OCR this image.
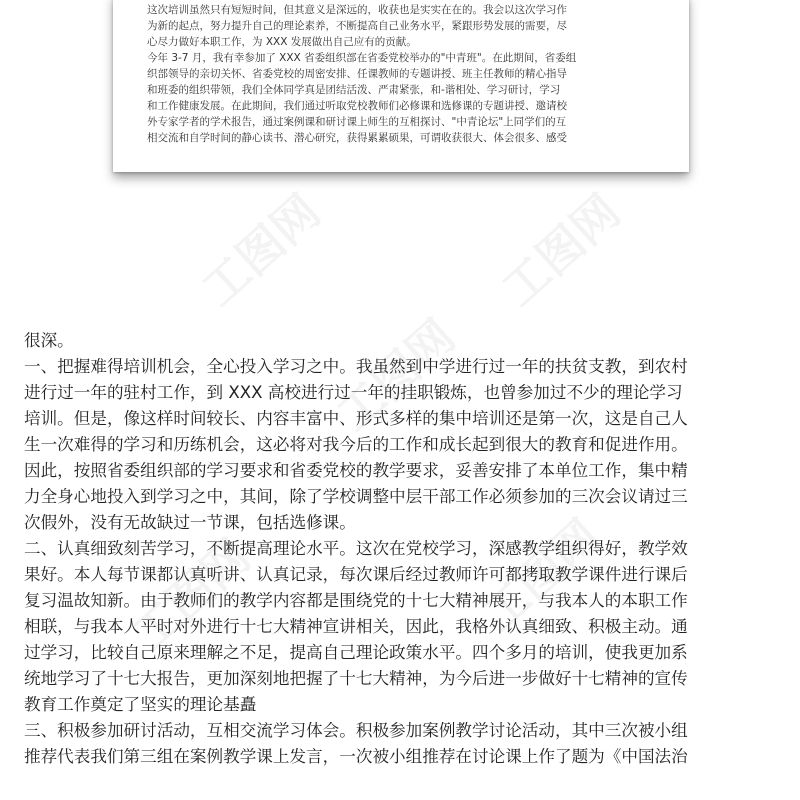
这次培训虽然只有短短时间，但其意义是深远的，收获也是实实在在的。我会以这次学习作

为新的起点，努力提升自己的理论素养，不断提高自己业务水平，紧跟形势发展的需要，尽

心尽力做好本职工作，为 XXX 发展做出自己应有的贡献。

今年 3-7 月，我有幸参加了 XXX 省委组织部在省委党校举办的"中青班"。在此期间，省委组

织部领导的亲切关怀、省委党校的周密安排、任课教师的专题讲授、班主任教师的精心指导

和班委的组织带领，我们全体同学真是团结活泼、严肃紧张，和-谐相处、学习研讨，学习

和工作健康发展。在此期间，我们通过听取党校教师们必修课和选修课的专题讲授、邀请校

外专家学者的学术报告，通过案例课和研讨课上师生的互相探讨、"中青论坛"上同学们的互

相交流和自学时间的静心读书、潜心研究，获得累累硕果，可谓收获很大、体会很多、感受

工图网	工图网
工图网
工图网	工图网

很深。

一、把握难得培训机会，全心投入学习之中。我虽然到中学进行过一年的扶贫支教，到农村

进行过一年的驻村工作，到 XXX 高校进行过一年的挂职锻炼，也曾参加过不少的理论学习

培训。但是，像这样时间较长、内容丰富中、形式多样的集中培训还是第一次，这是自己人

生一次难得的学习和历练机会，这必将对我今后的工作和成长起到很大的教育和促进作用。

因此，按照省委组织部的学习要求和省委党校的教学要求，妥善安排了本单位工作，集中精

力全身心地投入到学习之中，其间，除了学校调整中层干部工作必须参加的三次会议请过三

次假外，没有无故缺过一节课，包括选修课。

二、认真细致刻苦学习，不断提高理论水平。这次在党校学习，深感教学组织得好，教学效

果好。本人每节课都认真听讲、认真记录，每次课后经过教师许可都拷取教学课件进行课后

复习温故知新。由于教师们的教学内容都是围绕党的十七大精神展开，与我本人的本职工作

相联，与我本人平时对外进行十七大精神宣讲相关，因此，我格外认真细致、积极主动。通

过学习，比较自己原来理解之不足，提高自己理论政策水平。四个多月的培训，使我更加系

统地学习了十七大报告，更加深刻地把握了十七大精神，为今后进一步做好十七精神的宣传

教育工作奠定了坚实的理论基矗

三、积极参加研讨活动，互相交流学习体会。积极参加案例教学讨论活动，其中三次被小组

推荐代表我们第三组在案例教学课上发言，一次被小组推荐在讨论课上作了题为《中国法治
